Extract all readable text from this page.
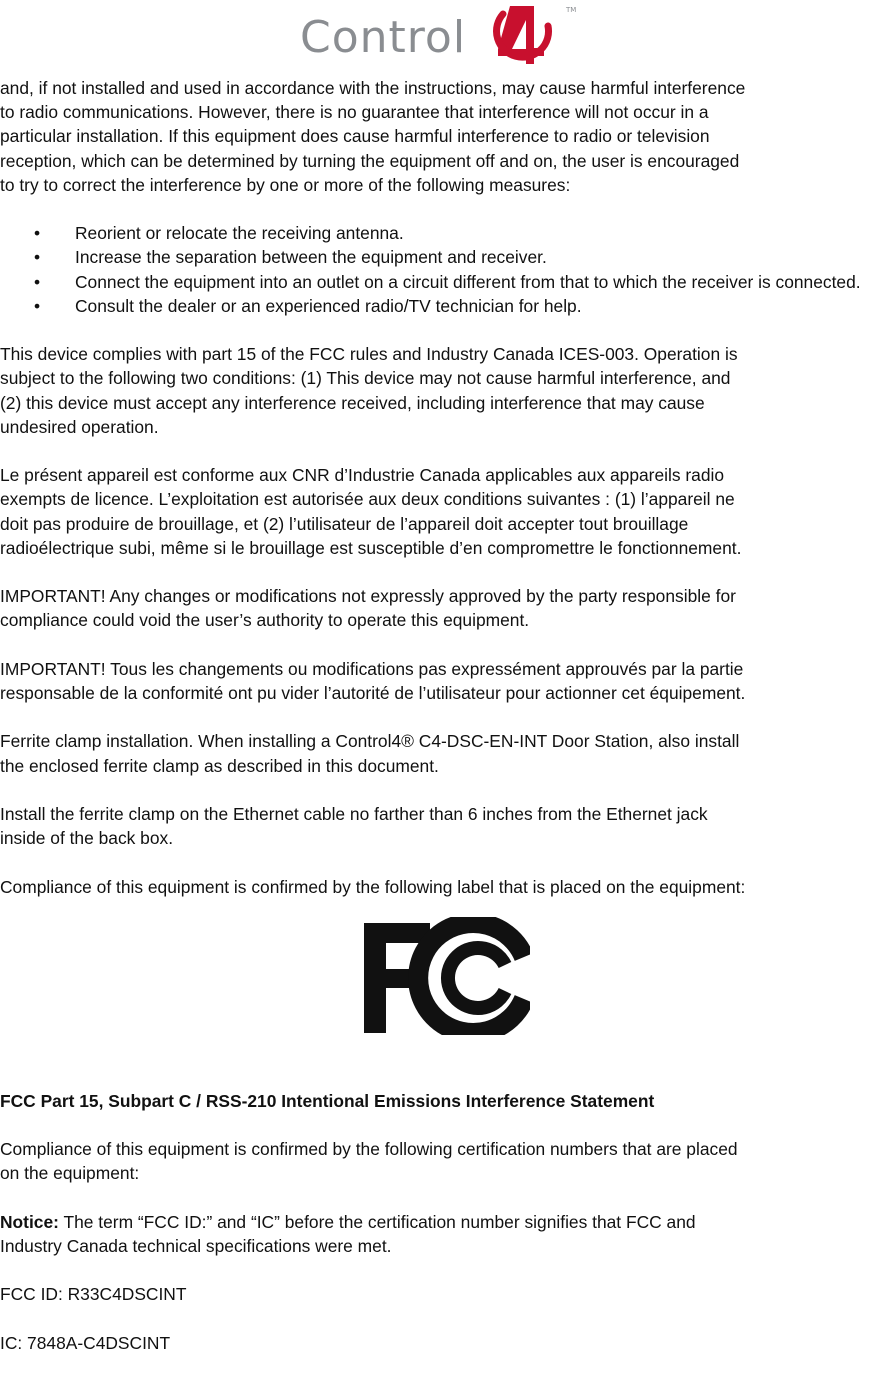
Control
TM

and, if not installed and used in accordance with the instructions, may cause harmful interference
to radio communications. However, there is no guarantee that interference will not occur in a
particular installation. If this equipment does cause harmful interference to radio or television
reception, which can be determined by turning the equipment off and on, the user is encouraged
to try to correct the interference by one or more of the following measures:

• Reorient or relocate the receiving antenna.
• Increase the separation between the equipment and receiver.
• Connect the equipment into an outlet on a circuit different from that to which the receiver is connected.
• Consult the dealer or an experienced radio/TV technician for help.

This device complies with part 15 of the FCC rules and Industry Canada ICES-003. Operation is
subject to the following two conditions: (1) This device may not cause harmful interference, and
(2) this device must accept any interference received, including interference that may cause
undesired operation.

Le présent appareil est conforme aux CNR d’Industrie Canada applicables aux appareils radio
exempts de licence. L’exploitation est autorisée aux deux conditions suivantes : (1) l’appareil ne
doit pas produire de brouillage, et (2) l’utilisateur de l’appareil doit accepter tout brouillage
radioélectrique subi, même si le brouillage est susceptible d’en compromettre le fonctionnement.

IMPORTANT! Any changes or modifications not expressly approved by the party responsible for
compliance could void the user’s authority to operate this equipment.

IMPORTANT! Tous les changements ou modifications pas expressément approuvés par la partie
responsable de la conformité ont pu vider l’autorité de l’utilisateur pour actionner cet équipement.

Ferrite clamp installation. When installing a Control4® C4-DSC-EN-INT Door Station, also install
the enclosed ferrite clamp as described in this document.

Install the ferrite clamp on the Ethernet cable no farther than 6 inches from the Ethernet jack
inside of the back box.

Compliance of this equipment is confirmed by the following label that is placed on the equipment:

FCC Part 15, Subpart C / RSS-210 Intentional Emissions Interference Statement

Compliance of this equipment is confirmed by the following certification numbers that are placed
on the equipment:

Notice: The term “FCC ID:” and “IC” before the certification number signifies that FCC and
Industry Canada technical specifications were met.

FCC ID: R33C4DSCINT

IC: 7848A-C4DSCINT
